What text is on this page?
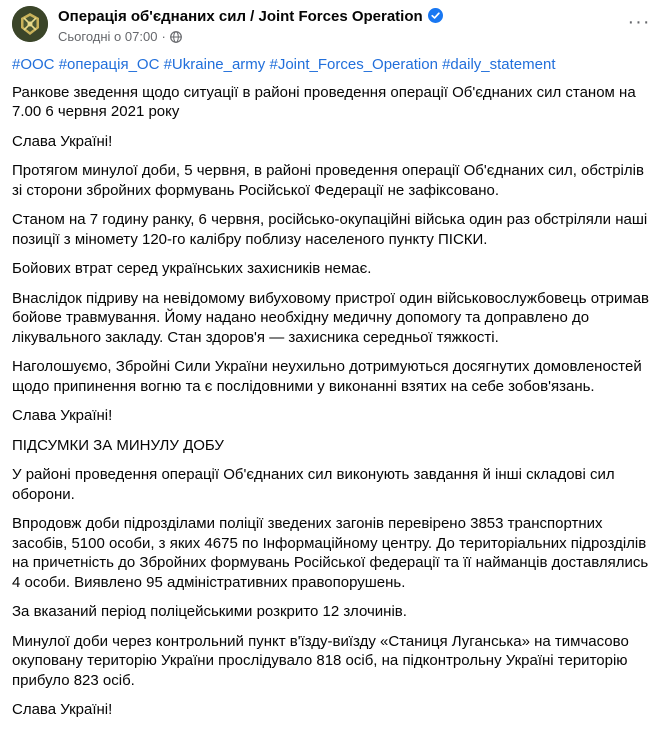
Операція об'єднаних сил / Joint Forces Operation
Сьогодні о 07:00 ·
···

#ООС #операція_ОС #Ukraine_army #Joint_Forces_Operation #daily_statement

Ранкове зведення щодо ситуації в районі проведення операції Об'єднаних сил станом на 7.00 6 червня 2021 року

Слава Україні!

Протягом минулої доби, 5 червня, в районі проведення операції Об'єднаних сил, обстрілів зі сторони збройних формувань Російської Федерації не зафіксовано.

Станом на 7 годину ранку, 6 червня, російсько-окупаційні війська один раз обстріляли наші позиції з міномету 120-го калібру поблизу населеного пункту ПІСКИ.

Бойових втрат серед українських захисників немає.

Внаслідок підриву на невідомому вибуховому пристрої один військовослужбовець отримав бойове травмування. Йому надано необхідну медичну допомогу та доправлено до лікувального закладу. Стан здоров'я — захисника середньої тяжкості.

Наголошуємо, Збройні Сили України неухильно дотримуються досягнутих домовленостей щодо припинення вогню та є послідовними у виконанні взятих на себе зобов'язань.

Слава Україні!

ПІДСУМКИ ЗА МИНУЛУ ДОБУ

У районі проведення операції Об'єднаних сил виконують завдання й інші складові сил оборони.

Впродовж доби підрозділами поліції зведених загонів перевірено 3853 транспортних засобів, 5100 особи, з яких 4675 по Інформаційному центру. До територіальних підрозділів на причетність до Збройних формувань Російської федерації та її найманців доставлялись 4 особи. Виявлено 95 адміністративних правопорушень.

За вказаний період поліцейськими розкрито 12 злочинів.

Минулої доби через контрольний пункт в'їзду-виїзду «Станиця Луганська» на тимчасово окуповану територію України прослідувало 818 осіб, на підконтрольну Україні територію прибуло 823 осіб.

Слава Україні!
